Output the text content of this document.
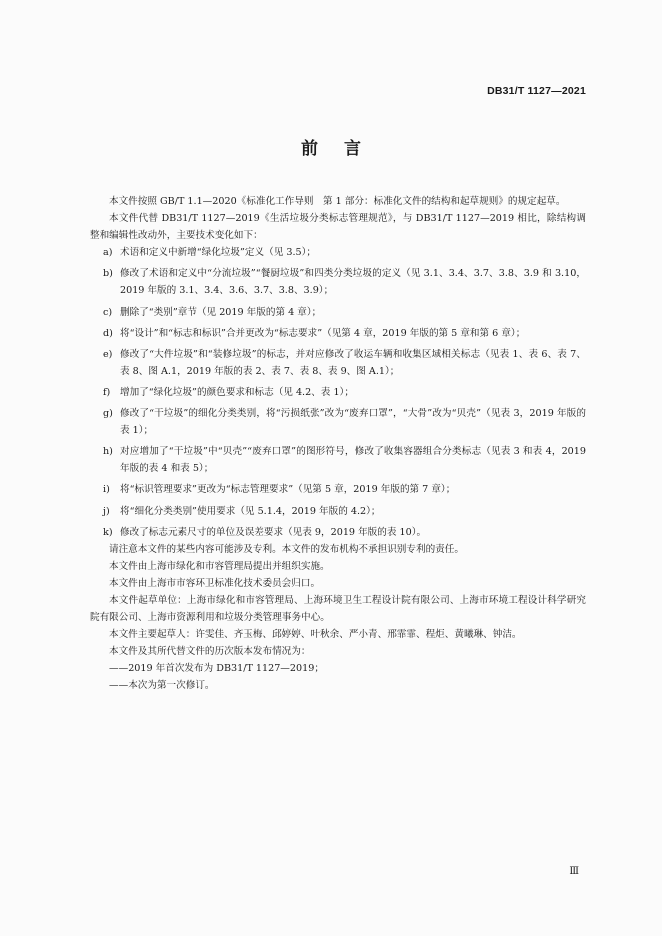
DB31/T 1127—2021
前言

本文件按照 GB/T 1.1—2020《标准化工作导则　第 1 部分：标准化文件的结构和起草规则》的规定起草。

本文件代替 DB31/T 1127—2019《生活垃圾分类标志管理规范》，与 DB31/T 1127—2019 相比，除结构调整和编辑性改动外，主要技术变化如下：

a) 术语和定义中新增“绿化垃圾”定义（见 3.5）；
b) 修改了术语和定义中“分流垃圾”“餐厨垃圾”和四类分类垃圾的定义（见 3.1、3.4、3.7、3.8、3.9 和 3.10，2019 年版的 3.1、3.4、3.6、3.7、3.8、3.9）；
c) 删除了“类别”章节（见 2019 年版的第 4 章）；
d) 将“设计”和“标志和标识”合并更改为“标志要求”（见第 4 章，2019 年版的第 5 章和第 6 章）；
e) 修改了“大件垃圾”和“装修垃圾”的标志，并对应修改了收运车辆和收集区域相关标志（见表 1、表 6、表 7、表 8、图 A.1，2019 年版的表 2、表 7、表 8、表 9、图 A.1）；
f)	增加了“绿化垃圾”的颜色要求和标志（见 4.2、表 1）；
g) 修改了“干垃圾”的细化分类类别，将“污损纸张”改为“废弃口罩”，“大骨”改为“贝壳”（见表 3，2019 年版的表 1）；
h) 对应增加了“干垃圾”中“贝壳”“废弃口罩”的图形符号，修改了收集容器组合分类标志（见表 3 和表 4，2019 年版的表 4 和表 5）；
i)	将“标识管理要求”更改为“标志管理要求”（见第 5 章，2019 年版的第 7 章）；
j)	将“细化分类类别”使用要求（见 5.1.4，2019 年版的 4.2）；
k) 修改了标志元素尺寸的单位及误差要求（见表 9，2019 年版的表 10）。

请注意本文件的某些内容可能涉及专利。本文件的发布机构不承担识别专利的责任。

本文件由上海市绿化和市容管理局提出并组织实施。

本文件由上海市市容环卫标准化技术委员会归口。

本文件起草单位：上海市绿化和市容管理局、上海环境卫生工程设计院有限公司、上海市环境工程设计科学研究院有限公司、上海市资源利用和垃圾分类管理事务中心。

本文件主要起草人：许雯佳、齐玉梅、邱婷婷、叶秋余、严小青、邢霏霏、程炬、黄曦琳、钟洁。

本文件及其所代替文件的历次版本发布情况为：

——2019 年首次发布为 DB31/T 1127—2019；

——本次为第一次修订。

Ⅲ
